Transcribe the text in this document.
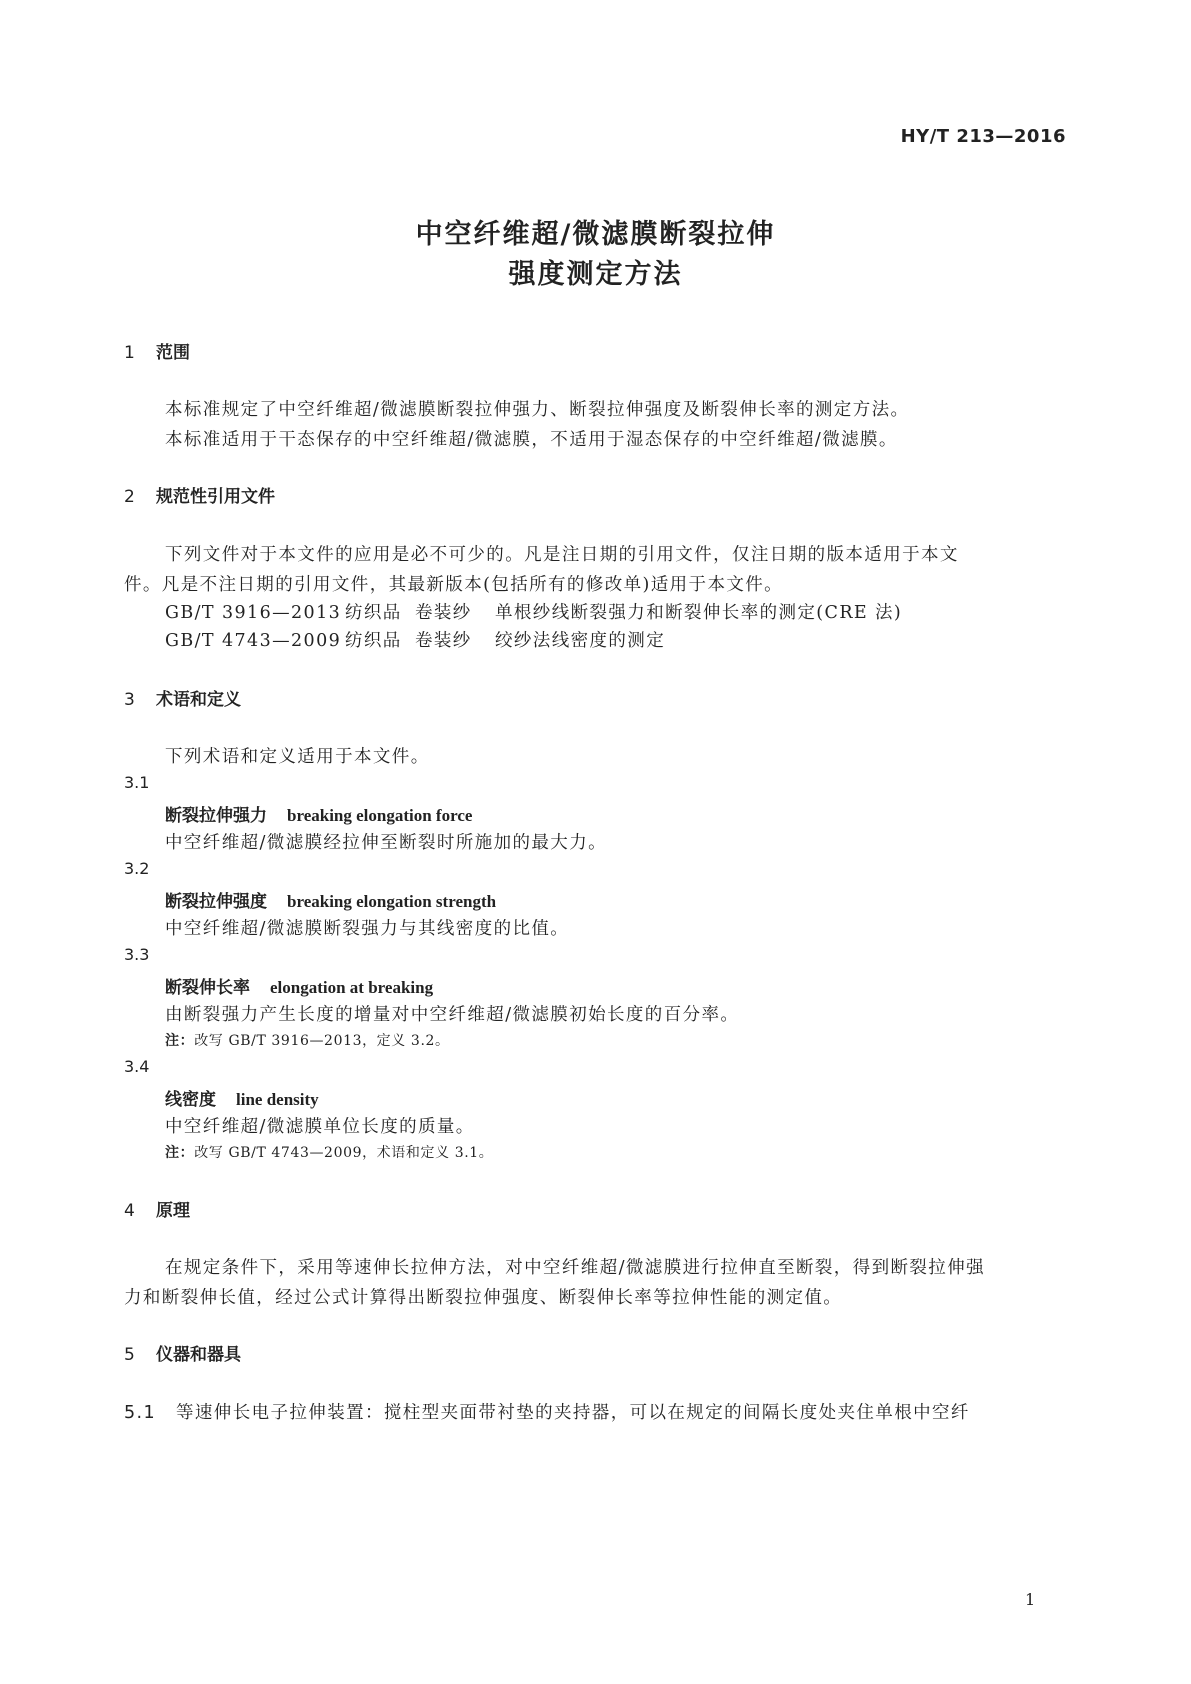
HY/T 213—2016
中空纤维超/微滤膜断裂拉伸
强度测定方法
1 范围
本标准规定了中空纤维超/微滤膜断裂拉伸强力、断裂拉伸强度及断裂伸长率的测定方法。
本标准适用于干态保存的中空纤维超/微滤膜，不适用于湿态保存的中空纤维超/微滤膜。
2 规范性引用文件
下列文件对于本文件的应用是必不可少的。凡是注日期的引用文件，仅注日期的版本适用于本文
件。凡是不注日期的引用文件，其最新版本(包括所有的修改单)适用于本文件。
GB/T 3916—2013 纺织品 卷装纱 单根纱线断裂强力和断裂伸长率的测定(CRE 法)
GB/T 4743—2009 纺织品 卷装纱 绞纱法线密度的测定
3 术语和定义
下列术语和定义适用于本文件。
3.1
断裂拉伸强力 breaking elongation force
中空纤维超/微滤膜经拉伸至断裂时所施加的最大力。
3.2
断裂拉伸强度 breaking elongation strength
中空纤维超/微滤膜断裂强力与其线密度的比值。
3.3
断裂伸长率 elongation at breaking
由断裂强力产生长度的增量对中空纤维超/微滤膜初始长度的百分率。
注：改写 GB/T 3916—2013，定义 3.2。
3.4
线密度 line density
中空纤维超/微滤膜单位长度的质量。
注：改写 GB/T 4743—2009，术语和定义 3.1。
4 原理
在规定条件下，采用等速伸长拉伸方法，对中空纤维超/微滤膜进行拉伸直至断裂，得到断裂拉伸强
力和断裂伸长值，经过公式计算得出断裂拉伸强度、断裂伸长率等拉伸性能的测定值。
5 仪器和器具
5.1 等速伸长电子拉伸装置：搅柱型夹面带衬垫的夹持器，可以在规定的间隔长度处夹住单根中空纤
1
